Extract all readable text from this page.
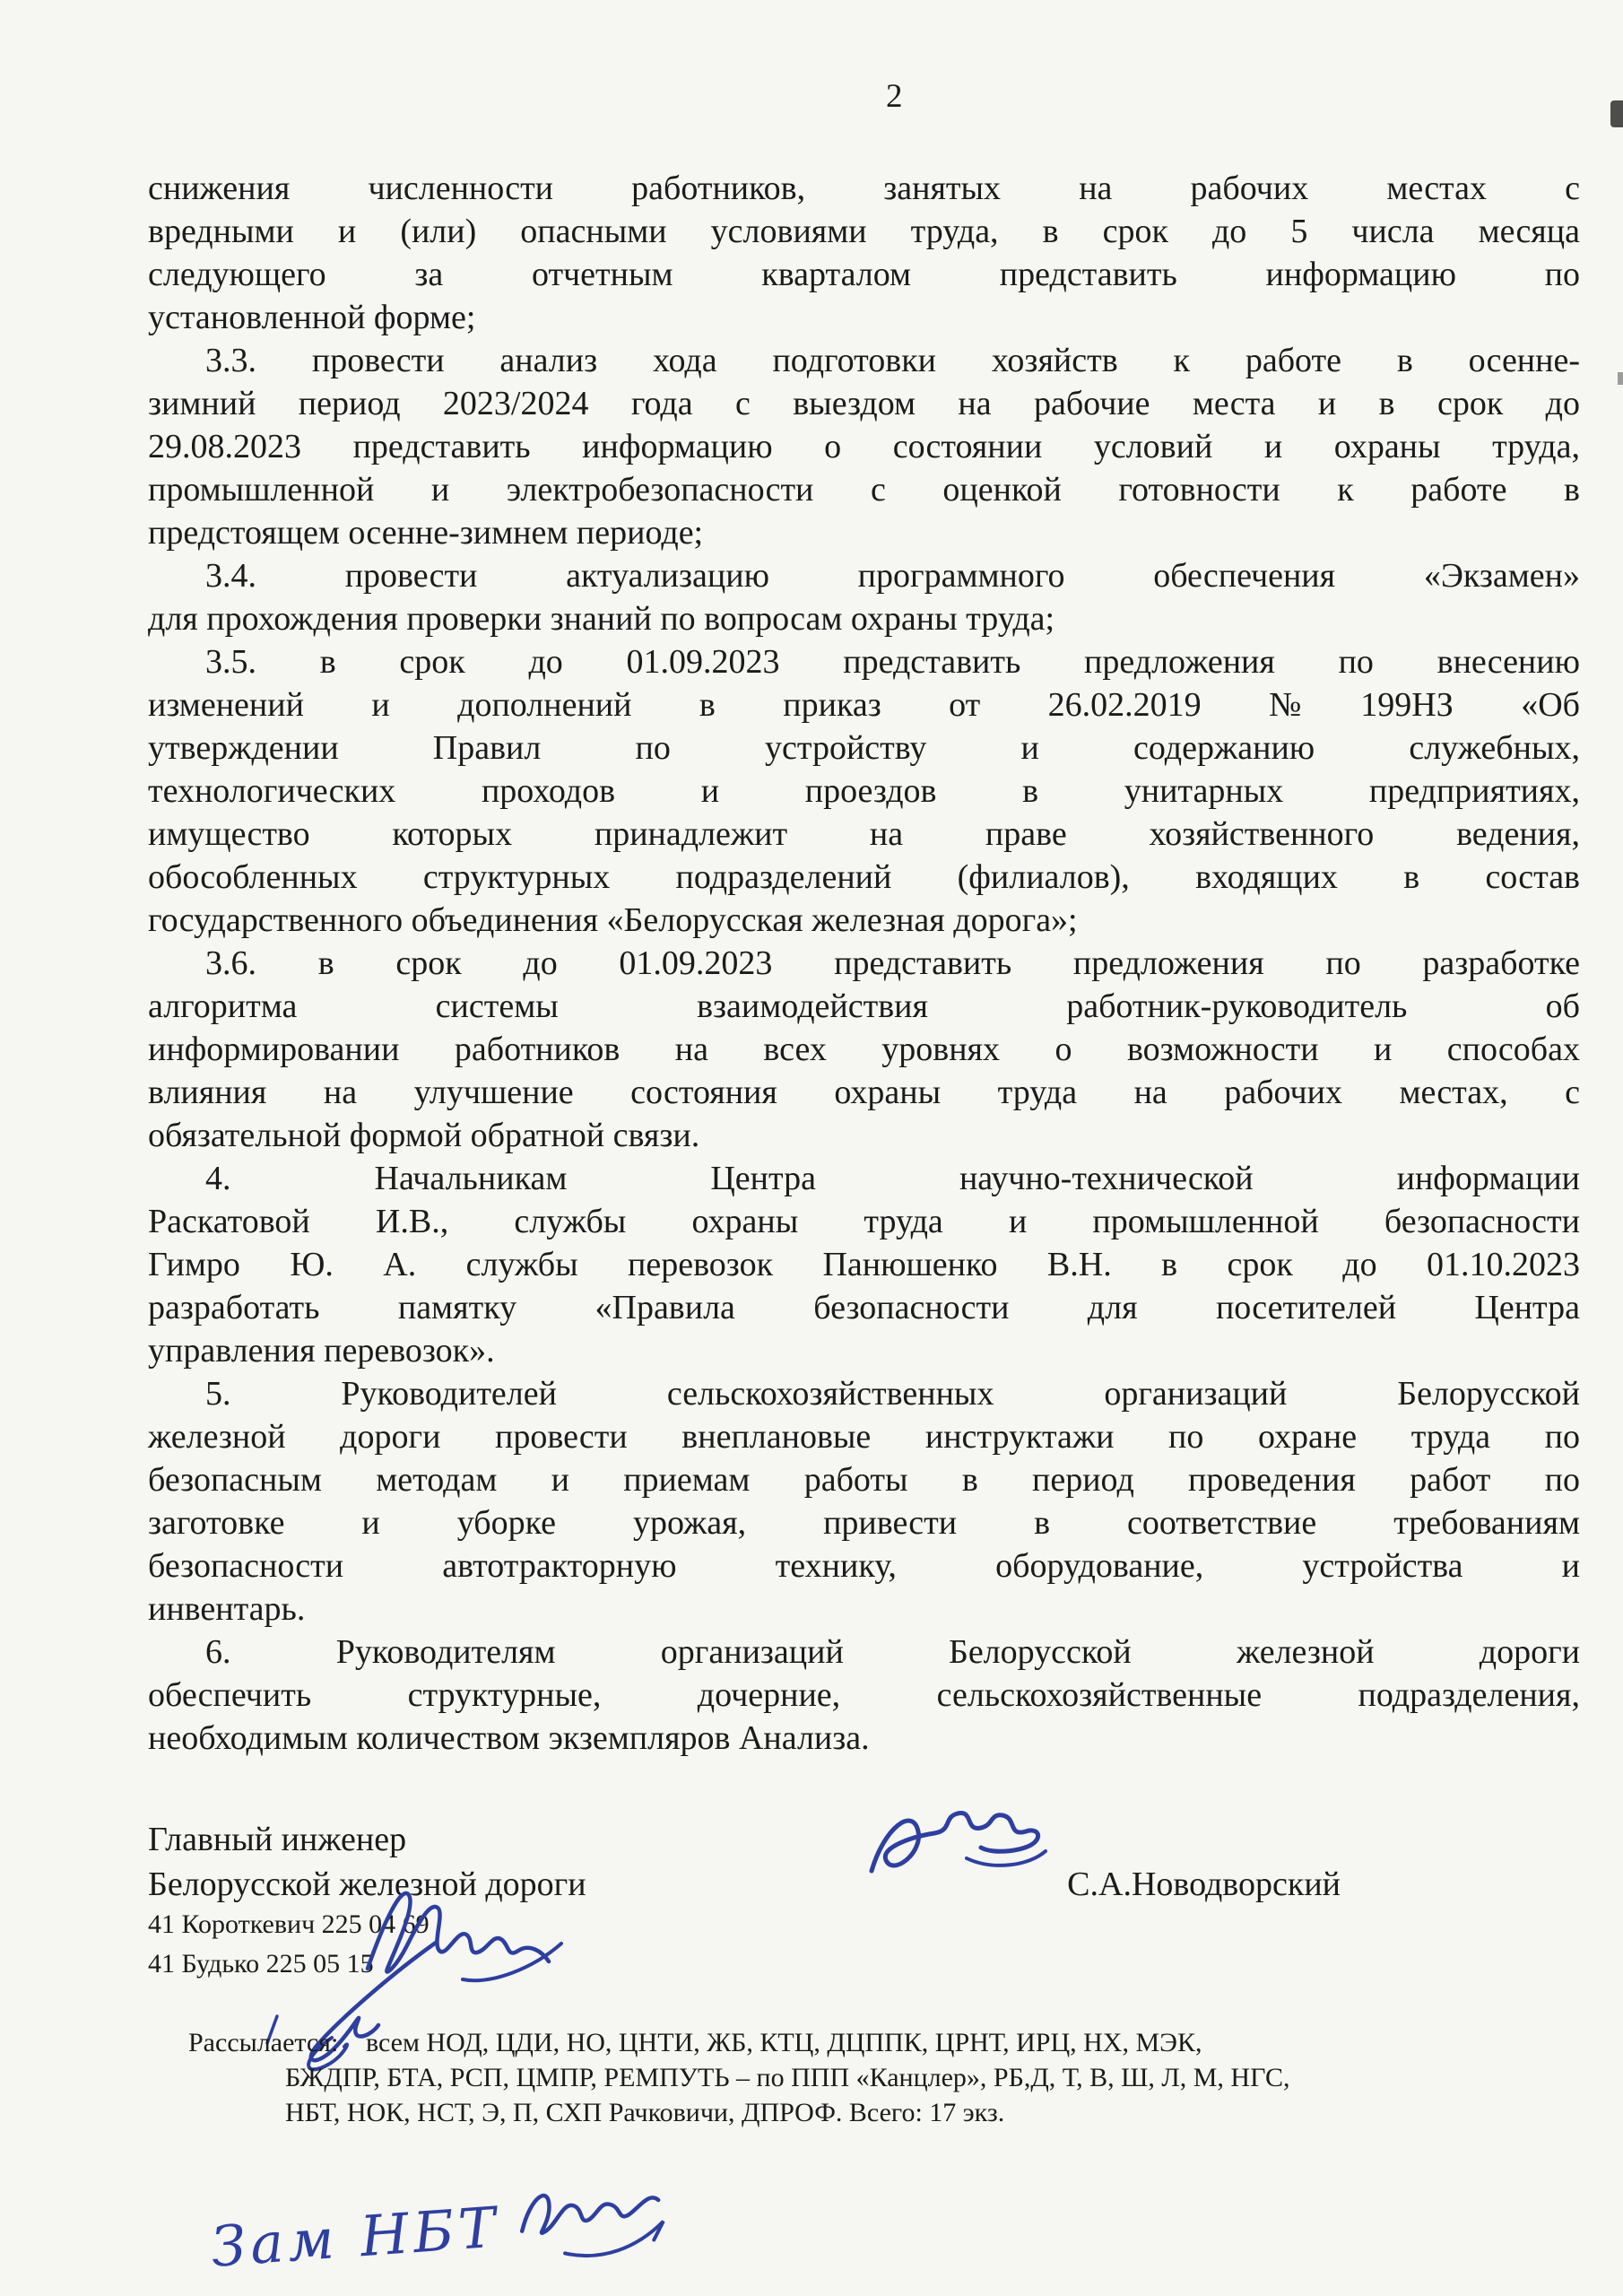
2
снижения численности работников, занятых на рабочих местах с
вредными и (или) опасными условиями труда, в срок до 5 числа месяца
следующего за отчетным кварталом представить информацию по
установленной форме;
3.3. провести анализ хода подготовки хозяйств к работе в осенне-
зимний период 2023/2024 года с выездом на рабочие места и в срок до
29.08.2023 представить информацию о состоянии условий и охраны труда,
промышленной и электробезопасности с оценкой готовности к работе в
предстоящем осенне-зимнем периоде;
3.4. провести актуализацию программного обеспечения «Экзамен»
для прохождения проверки знаний по вопросам охраны труда;
3.5. в срок до 01.09.2023 представить предложения по внесению
изменений и дополнений в приказ от 26.02.2019 №199НЗ «Об
утверждении Правил по устройству и содержанию служебных,
технологических проходов и проездов в унитарных предприятиях,
имущество которых принадлежит на праве хозяйственного ведения,
обособленных структурных подразделений (филиалов), входящих в состав
государственного объединения «Белорусская железная дорога»;
3.6. в срок до 01.09.2023 представить предложения по разработке
алгоритма системы взаимодействия работник-руководитель об
информировании работников на всех уровнях о возможности и способах
влияния на улучшение состояния охраны труда на рабочих местах, с
обязательной формой обратной связи.
4. Начальникам Центра научно-технической информации
Раскатовой И.В., службы охраны труда и промышленной безопасности
Гимро Ю. А. службы перевозок Панюшенко В.Н. в срок до 01.10.2023
разработать памятку «Правила безопасности для посетителей Центра
управления перевозок».
5. Руководителей сельскохозяйственных организаций Белорусской
железной дороги провести внеплановые инструктажи по охране труда по
безопасным методам и приемам работы в период проведения работ по
заготовке и уборке урожая, привести в соответствие требованиям
безопасности автотракторную технику, оборудование, устройства и
инвентарь.
6. Руководителям организаций Белорусской железной дороги
обеспечить структурные, дочерние, сельскохозяйственные подразделения,
необходимым количеством экземпляров Анализа.
Главный инженер
Белорусской железной дороги	С.А.Новодворский
41 Короткевич 225 04 69
41 Будько 225 05 15
Рассылается:	всем НОД, ЦДИ, НО, ЦНТИ, ЖБ, КТЦ, ДЦППК, ЦРНТ, ИРЦ, НХ, МЭК,
БЖДПР, БТА, РСП, ЦМПР, РЕМПУТЬ – по ППП «Канцлер», РБ,Д, Т, В, Ш, Л, М, НГС,
НБТ, НОК, НСТ, Э, П, СХП Рачковичи, ДПРОФ. Всего: 17 экз.
Зам НБТ
